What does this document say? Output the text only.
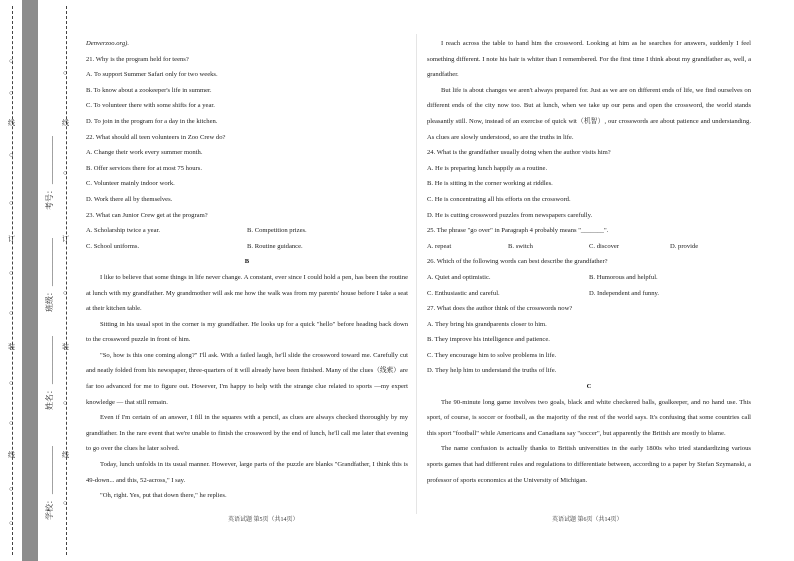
○
○
线
○
○
订
○
○
装
○
○
线
○
○
○
线
○
订
○
装
○
线
○
考号： ____________
班级： ____________
姓名： ____________
学校： ____________

Denverzoo.org).

21. Why is the program held for teens?

A. To support Summer Safari only for two weeks.

B. To know about a zookeeper's life in summer.

C. To volunteer there with some shifts for a year.

D. To join in the program for a day in the kitchen.

22. What should all teen volunteers in Zoo Crew do?

A. Change their work every summer month.

B. Offer services there for at most 75 hours.

C. Volunteer mainly indoor work.

D. Work there all by themselves.

23. What can Junior Crew get at the program?

A. Scholarship twice a year.	B. Competition prizes.
C. School uniforms.	B. Routine guidance.

B

I like to believe that some things in life never change. A constant, ever since I could hold a pen, has been the routine at lunch with my grandfather. My grandmother will ask me how the walk was from my parents' house before I take a seat at their kitchen table.

Sitting in his usual spot in the corner is my grandfather. He looks up for a quick "hello" before heading back down to the crossword puzzle in front of him.

"So, how is this one coming along?" I'll ask. With a failed laugh, he'll slide the crossword toward me. Carefully cut and neatly folded from his newspaper, three-quarters of it will already have been finished. Many of the clues（线索）are far too advanced for me to figure out. However, I'm happy to help with the strange clue related to sports —my expert knowledge — that still remain.

Even if I'm certain of an answer, I fill in the squares with a pencil, as clues are always checked thoroughly by my grandfather. In the rare event that we're unable to finish the crossword by the end of lunch, he'll call me later that evening to go over the clues he later solved.

Today, lunch unfolds in its usual manner. However, large parts of the puzzle are blanks "Grandfather, I think this is 49-down... and this, 52-across," I say.

"Oh, right. Yes, put that down there," he replies.

英语试题 第5页（共14页）

I reach across the table to hand him the crossword. Looking at him as he searches for answers, suddenly I feel something different. I note his hair is whiter than I remembered. For the first time I think about my grandfather as, well, a grandfather.

But life is about changes we aren't always prepared for. Just as we are on different ends of life, we find ourselves on different ends of the city now too. But at lunch, when we take up our pens and open the crossword, the world stands pleasantly still. Now, instead of an exercise of quick wit（机智）, our crosswords are about patience and understanding. As clues are slowly understood, so are the truths in life.

24. What is the grandfather usually doing when the author visits him?

A. He is preparing lunch happily as a routine.

B. He is sitting in the corner working at riddles.

C. He is concentrating all his efforts on the crossword.

D. He is cutting crossword puzzles from newspapers carefully.

25. The phrase "go over" in Paragraph 4 probably means "_______".

A. repeat	B. switch	C. discover	D. provide

26. Which of the following words can best describe the grandfather?

A. Quiet and optimistic.	B. Humorous and helpful.
C. Enthusiastic and careful.	D. Independent and funny.

27. What does the author think of the crosswords now?

A. They bring his grandparents closer to him.

B. They improve his intelligence and patience.

C. They encourage him to solve problems in life.

D. They help him to understand the truths of life.

C

The 90-minute long game involves two goals, black and white checkered balls, goalkeeper, and no hand use. This sport, of course, is soccer or football, as the majority of the rest of the world says. It's confusing that some countries call this sport "football" while Americans and Canadians say "soccer", but apparently the British are mostly to blame.

The name confusion is actually thanks to British universities in the early 1800s who tried standardizing various sports games that had different rules and regulations to differentiate between, according to a paper by Stefan Szymanski, a professor of sports economics at the University of Michigan.

英语试题 第6页（共14页）
